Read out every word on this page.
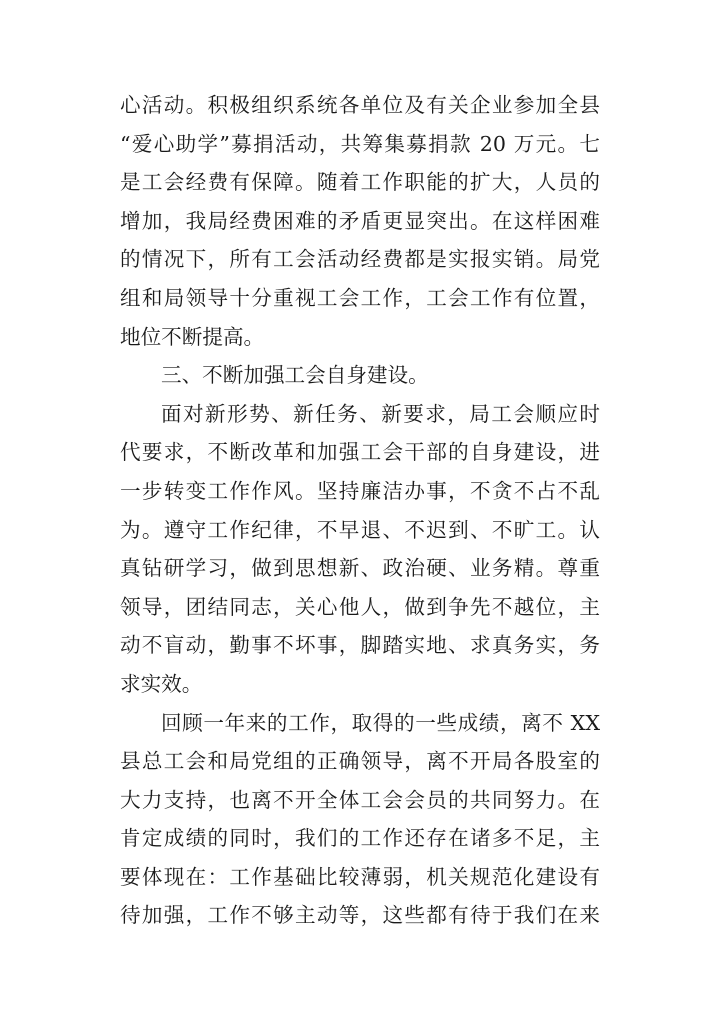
心活动。积极组织系统各单位及有关企业参加全县
“爱心助学”募捐活动，共筹集募捐款 20 万元。七
是工会经费有保障。随着工作职能的扩大，人员的
增加，我局经费困难的矛盾更显突出。在这样困难
的情况下，所有工会活动经费都是实报实销。局党
组和局领导十分重视工会工作，工会工作有位置，
地位不断提高。
三、不断加强工会自身建设。
面对新形势、新任务、新要求，局工会顺应时
代要求，不断改革和加强工会干部的自身建设，进
一步转变工作作风。坚持廉洁办事，不贪不占不乱
为。遵守工作纪律，不早退、不迟到、不旷工。认
真钻研学习，做到思想新、政治硬、业务精。尊重
领导，团结同志，关心他人，做到争先不越位，主
动不盲动，勤事不坏事，脚踏实地、求真务实，务
求实效。
回顾一年来的工作，取得的一些成绩，离不 XX
县总工会和局党组的正确领导，离不开局各股室的
大力支持，也离不开全体工会会员的共同努力。在
肯定成绩的同时，我们的工作还存在诸多不足，主
要体现在：工作基础比较薄弱，机关规范化建设有
待加强，工作不够主动等，这些都有待于我们在来
